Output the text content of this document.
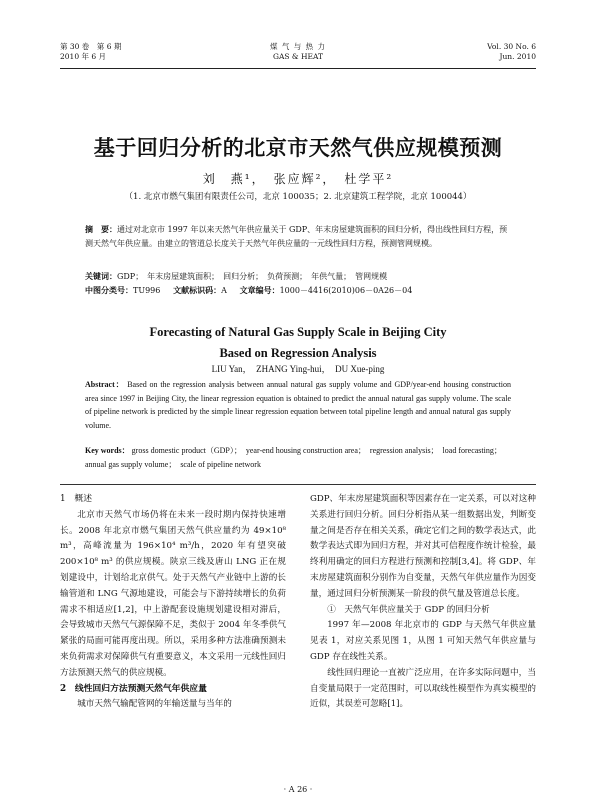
第 30 卷　第 6 期
2010 年 6 月
煤 气 与 热 力
GAS & HEAT
Vol. 30 No. 6
Jun. 2010
基于回归分析的北京市天然气供应规模预测
刘　燕¹，　张应辉²，　杜学平²
（1. 北京市燃气集团有限责任公司，北京 100035；2. 北京建筑工程学院，北京 100044）
摘　要：通过对北京市 1997 年以来天然气年供应量关于 GDP、年末房屋建筑面积的回归分析，得出线性回归方程，预测天然气年供应量。由建立的管道总长度关于天然气年供应量的一元线性回归方程，预测管网规模。
关键词：GDP；　年末房屋建筑面积；　回归分析；　负荷预测；　年供气量；　管网规模
中图分类号：TU996 文献标识码：A 文章编号：1000－4416(2010)06－0A26－04
Forecasting of Natural Gas Supply Scale in Beijing City
Based on Regression Analysis
LIU Yan，　ZHANG Ying-hui，　DU Xue-ping
Abstract： Based on the regression analysis between annual natural gas supply volume and GDP/year-end housing construction area since 1997 in Beijing City, the linear regression equation is obtained to predict the annual natural gas supply volume. The scale of pipeline network is predicted by the simple linear regression equation between total pipeline length and annual natural gas supply volume.
Key words： gross domestic product（GDP）；　year-end housing construction area；　regression analysis；　load forecasting；　annual gas supply volume；　scale of pipeline network
1　概述

北京市天然气市场仍将在未来一段时期内保持快速增长。2008 年北京市燃气集团天然气供应量约为 49×10⁸ m³，高峰流量为 196×10⁴ m³/h，2020 年有望突破 200×10⁸ m³ 的供应规模。陕京三线及唐山 LNG 正在规划建设中，计划给北京供气。处于天然气产业链中上游的长输管道和 LNG 气源地建设，可能会与下游持续增长的负荷需求不相适应[1,2]，中上游配套设施规划建设相对滞后，会导致城市天然气气源保障不足，类似于 2004 年冬季供气紧张的局面可能再度出现。所以，采用多种方法准确预测未来负荷需求对保障供气有重要意义，本文采用一元线性回归方法预测天然气的供应规模。

2　线性回归方法预测天然气年供应量

城市天然气输配管网的年输送量与当年的

GDP、年末房屋建筑面积等因素存在一定关系，可以对这种关系进行回归分析。回归分析指从某一组数据出发，判断变量之间是否存在相关关系，确定它们之间的数学表达式，此数学表达式即为回归方程，并对其可信程度作统计检验，最终利用确定的回归方程进行预测和控制[3,4]。将 GDP、年末房屋建筑面积分别作为自变量，天然气年供应量作为因变量，通过回归分析预测某一阶段的供气量及管道总长度。

①　天然气年供应量关于 GDP 的回归分析

1997 年—2008 年北京市的 GDP 与天然气年供应量见表 1，对应关系见图 1，从图 1 可知天然气年供应量与 GDP 存在线性关系。

线性回归理论一直被广泛应用，在许多实际问题中，当自变量局限于一定范围时，可以取线性模型作为真实模型的近似，其误差可忽略[1]。

· A 26 ·
